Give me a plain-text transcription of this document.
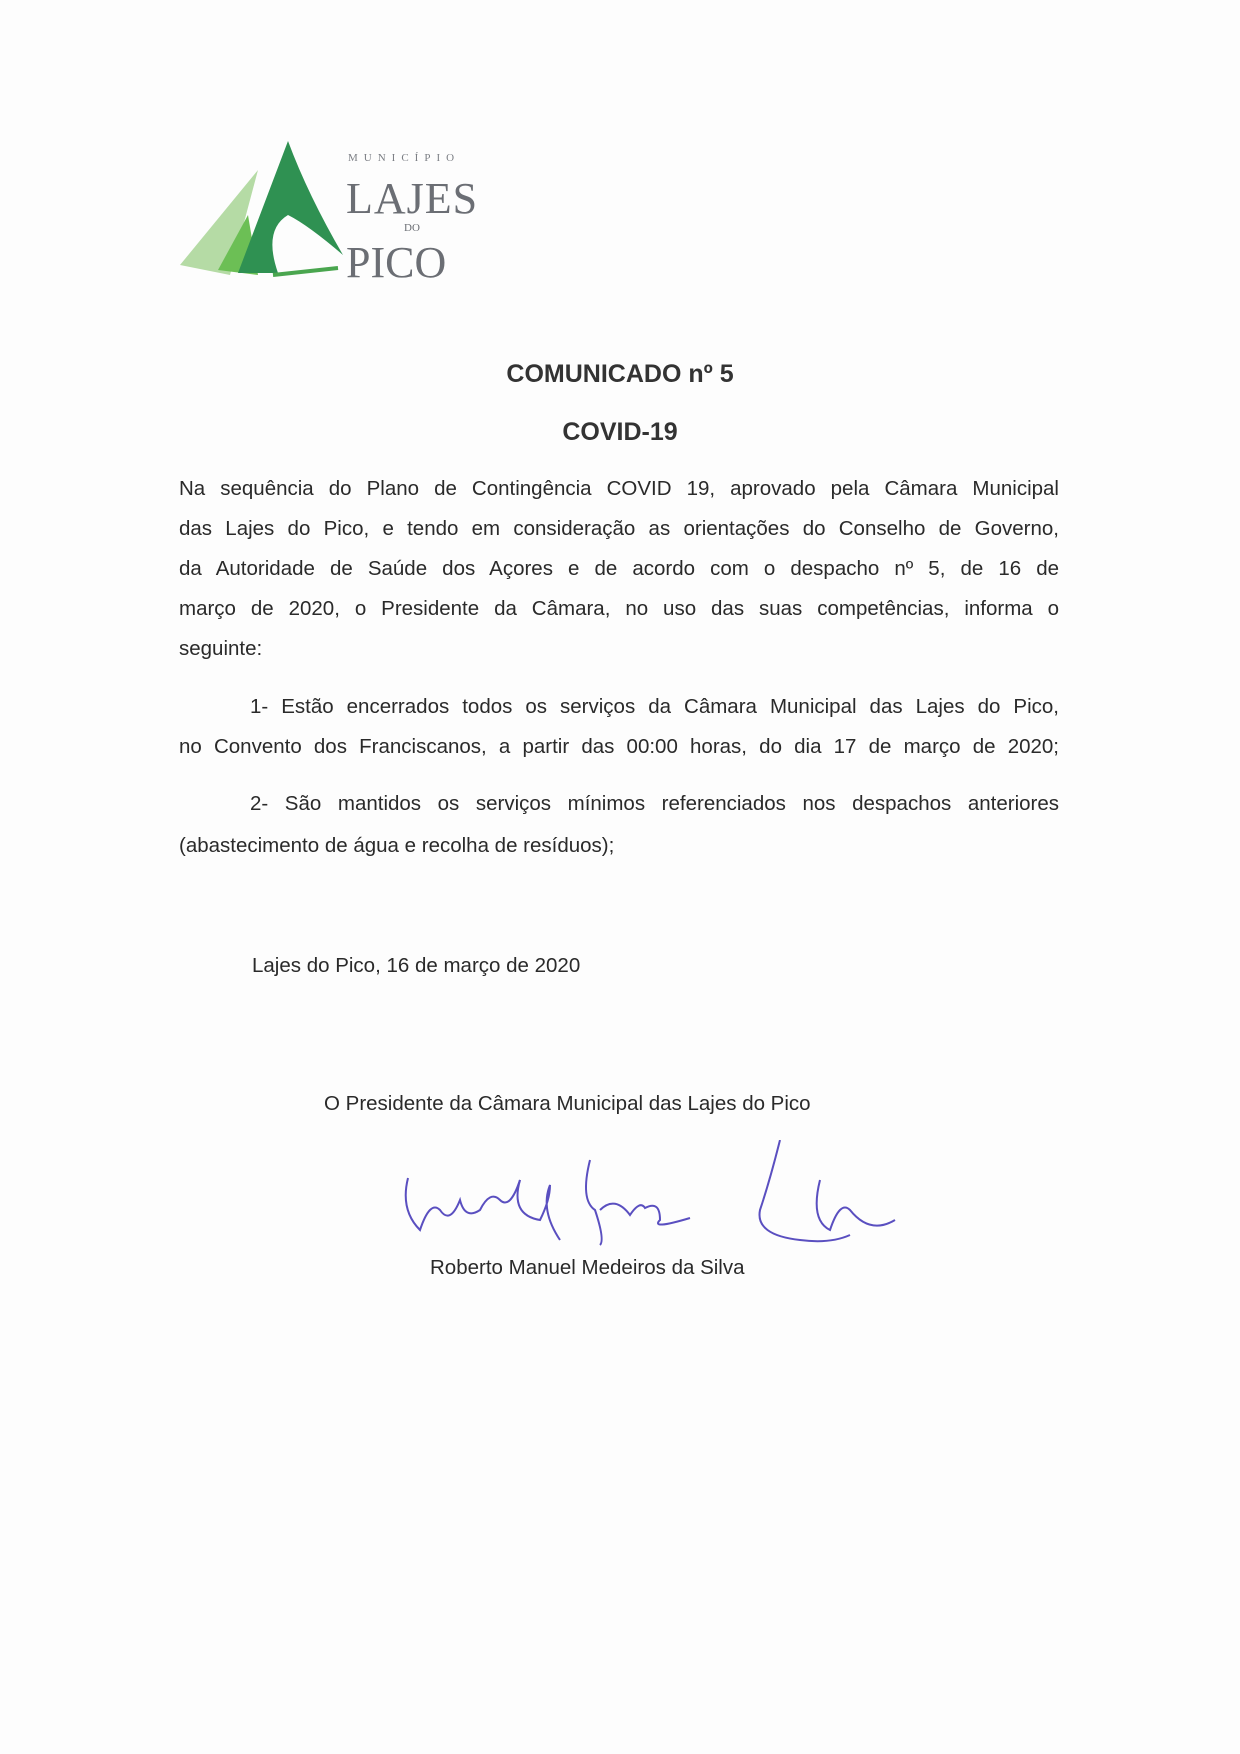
MUNICÍPIO
LAJES
DO
PICO
COMUNICADO nº 5
COVID-19
Na sequência do Plano de Contingência COVID 19, aprovado pela Câmara Municipal
das Lajes do Pico, e tendo em consideração as orientações do Conselho de Governo,
da Autoridade de Saúde dos Açores e de acordo com o despacho nº 5, de 16 de
março de 2020, o Presidente da Câmara, no uso das suas competências, informa o
seguinte:
1- Estão encerrados todos os serviços da Câmara Municipal das Lajes do Pico,
no Convento dos Franciscanos, a partir das 00:00 horas, do dia 17 de março de 2020;
2- São mantidos os serviços mínimos referenciados nos despachos anteriores
(abastecimento de água e recolha de resíduos);
Lajes do Pico, 16 de março de 2020
O Presidente da Câmara Municipal das Lajes do Pico
Roberto Manuel Medeiros da Silva
